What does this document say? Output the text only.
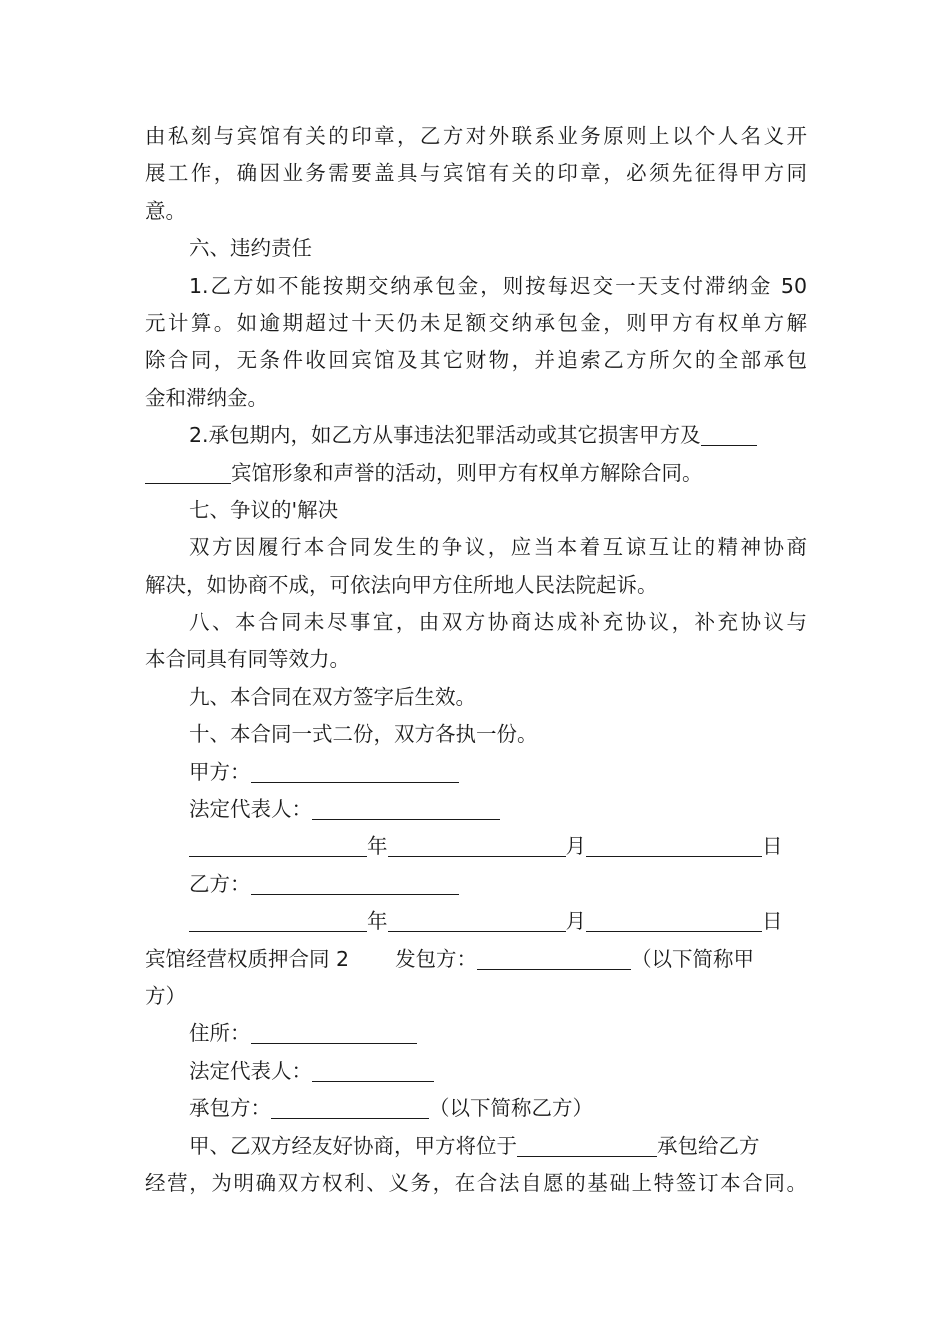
由私刻与宾馆有关的印章，乙方对外联系业务原则上以个人名义开
展工作，确因业务需要盖具与宾馆有关的印章，必须先征得甲方同
意。
六、违约责任
1.乙方如不能按期交纳承包金，则按每迟交一天支付滞纳金 50
元计算。如逾期超过十天仍未足额交纳承包金，则甲方有权单方解
除合同，无条件收回宾馆及其它财物，并追索乙方所欠的全部承包
金和滞纳金。
2.承包期内，如乙方从事违法犯罪活动或其它损害甲方及
宾馆形象和声誉的活动，则甲方有权单方解除合同。
七、争议的'解决
双方因履行本合同发生的争议，应当本着互谅互让的精神协商
解决，如协商不成，可依法向甲方住所地人民法院起诉。
八、本合同未尽事宜，由双方协商达成补充协议，补充协议与
本合同具有同等效力。
九、本合同在双方签字后生效。
十、本合同一式二份，双方各执一份。
甲方：
法定代表人：
年	月	日
乙方：
年	月	日
宾馆经营权质押合同 2 发包方：	（以下简称甲
方）
住所：
法定代表人：
承包方：	（以下简称乙方）
甲、乙双方经友好协商，甲方将位于	承包给乙方
经营，为明确双方权利、义务，在合法自愿的基础上特签订本合同。
